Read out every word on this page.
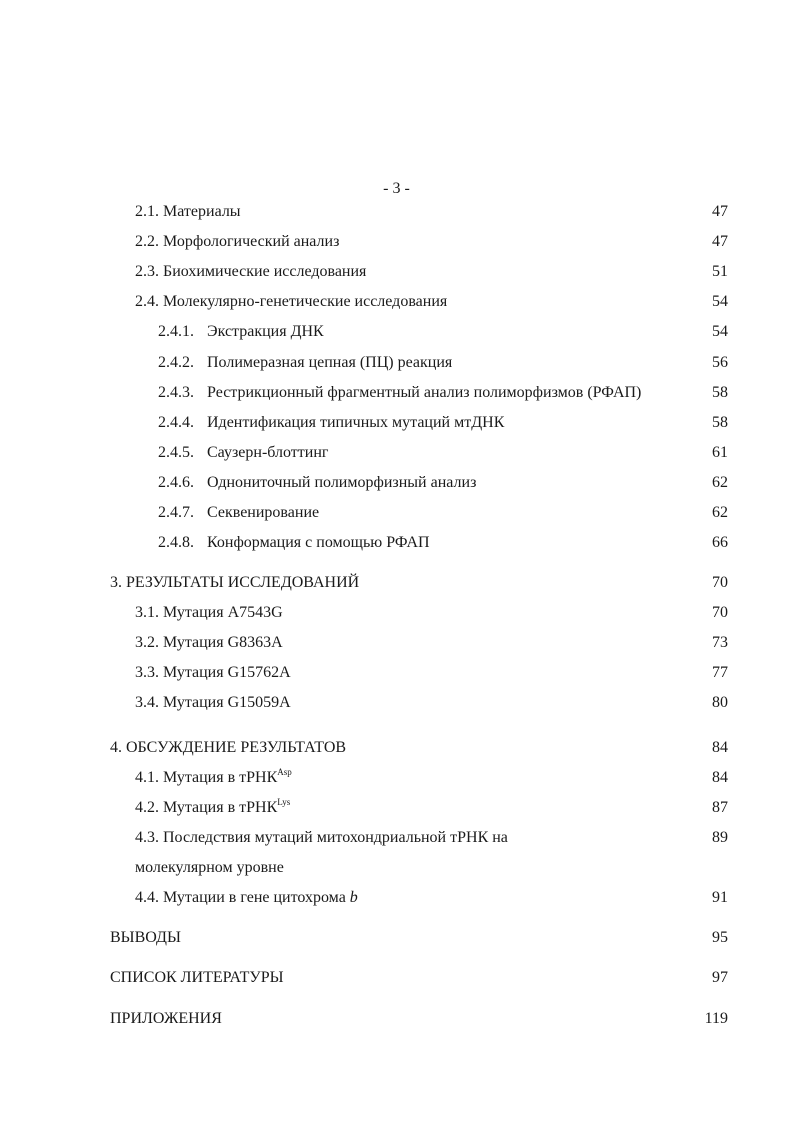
- 3 -
2.1. Материалы	47
2.2. Морфологический анализ	47
2.3. Биохимические исследования	51
2.4. Молекулярно-генетические исследования	54
2.4.1. Экстракция ДНК	54
2.4.2. Полимеразная цепная (ПЦ) реакция	56
2.4.3. Рестрикционный фрагментный анализ полиморфизмов (РФАП)	58
2.4.4. Идентификация типичных мутаций мтДНК	58
2.4.5. Саузерн-блоттинг	61
2.4.6. Однониточный полиморфизный анализ	62
2.4.7. Секвенирование	62
2.4.8. Конформация с помощью РФАП	66
3. РЕЗУЛЬТАТЫ ИССЛЕДОВАНИЙ	70
3.1. Мутация A7543G	70
3.2. Мутация G8363A	73
3.3. Мутация G15762A	77
3.4. Мутация G15059A	80
4. ОБСУЖДЕНИЕ РЕЗУЛЬТАТОВ	84
4.1. Мутация в тРНК$^{Asp}$	84
4.2. Мутация в тРНК$^{Lys}$	87
4.3. Последствия мутаций митохондриальной тРНК на	89
молекулярном уровне
4.4. Мутации в гене цитохрома b	91
ВЫВОДЫ	95
СПИСОК ЛИТЕРАТУРЫ	97
ПРИЛОЖЕНИЯ	119
